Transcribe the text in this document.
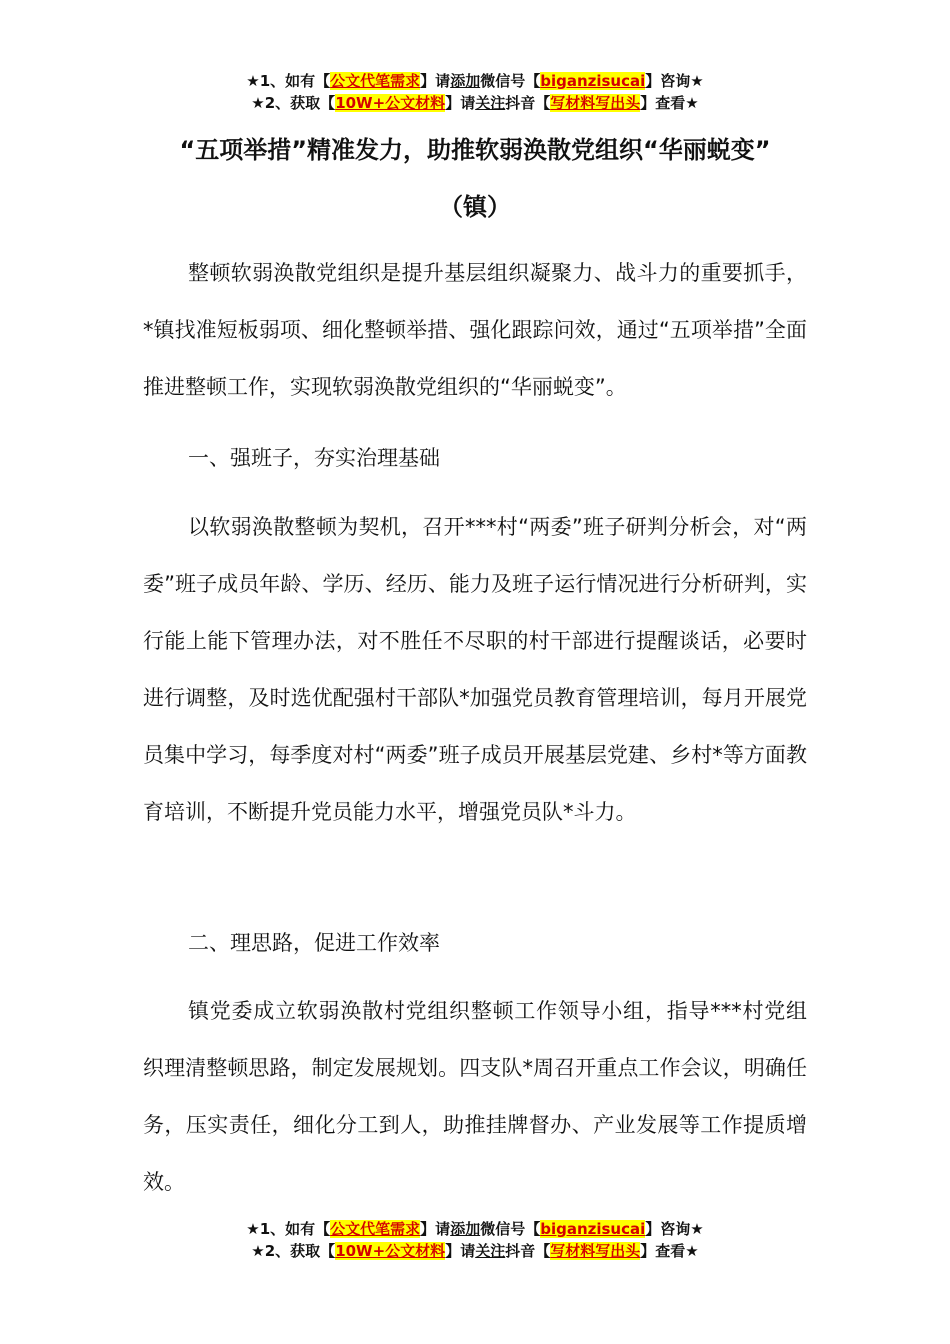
★1、如有【公文代笔需求】请添加微信号【biganzisucai】咨询★
★2、获取【10W+公文材料】请关注抖音【写材料写出头】查看★
“五项举措”精准发力，助推软弱涣散党组织“华丽蜕变”
（镇）
整顿软弱涣散党组织是提升基层组织凝聚力、战斗力的重要抓手，*镇找准短板弱项、细化整顿举措、强化跟踪问效，通过“五项举措”全面推进整顿工作，实现软弱涣散党组织的“华丽蜕变”。
一、强班子，夯实治理基础
以软弱涣散整顿为契机，召开***村“两委”班子研判分析会，对“两委”班子成员年龄、学历、经历、能力及班子运行情况进行分析研判，实行能上能下管理办法，对不胜任不尽职的村干部进行提醒谈话，必要时进行调整，及时选优配强村干部队*加强党员教育管理培训，每月开展党员集中学习，每季度对村“两委”班子成员开展基层党建、乡村*等方面教育培训，不断提升党员能力水平，增强党员队*斗力。
二、理思路，促进工作效率
镇党委成立软弱涣散村党组织整顿工作领导小组，指导***村党组织理清整顿思路，制定发展规划。四支队*周召开重点工作会议，明确任务，压实责任，细化分工到人，助推挂牌督办、产业发展等工作提质增效。
★1、如有【公文代笔需求】请添加微信号【biganzisucai】咨询★
★2、获取【10W+公文材料】请关注抖音【写材料写出头】查看★
